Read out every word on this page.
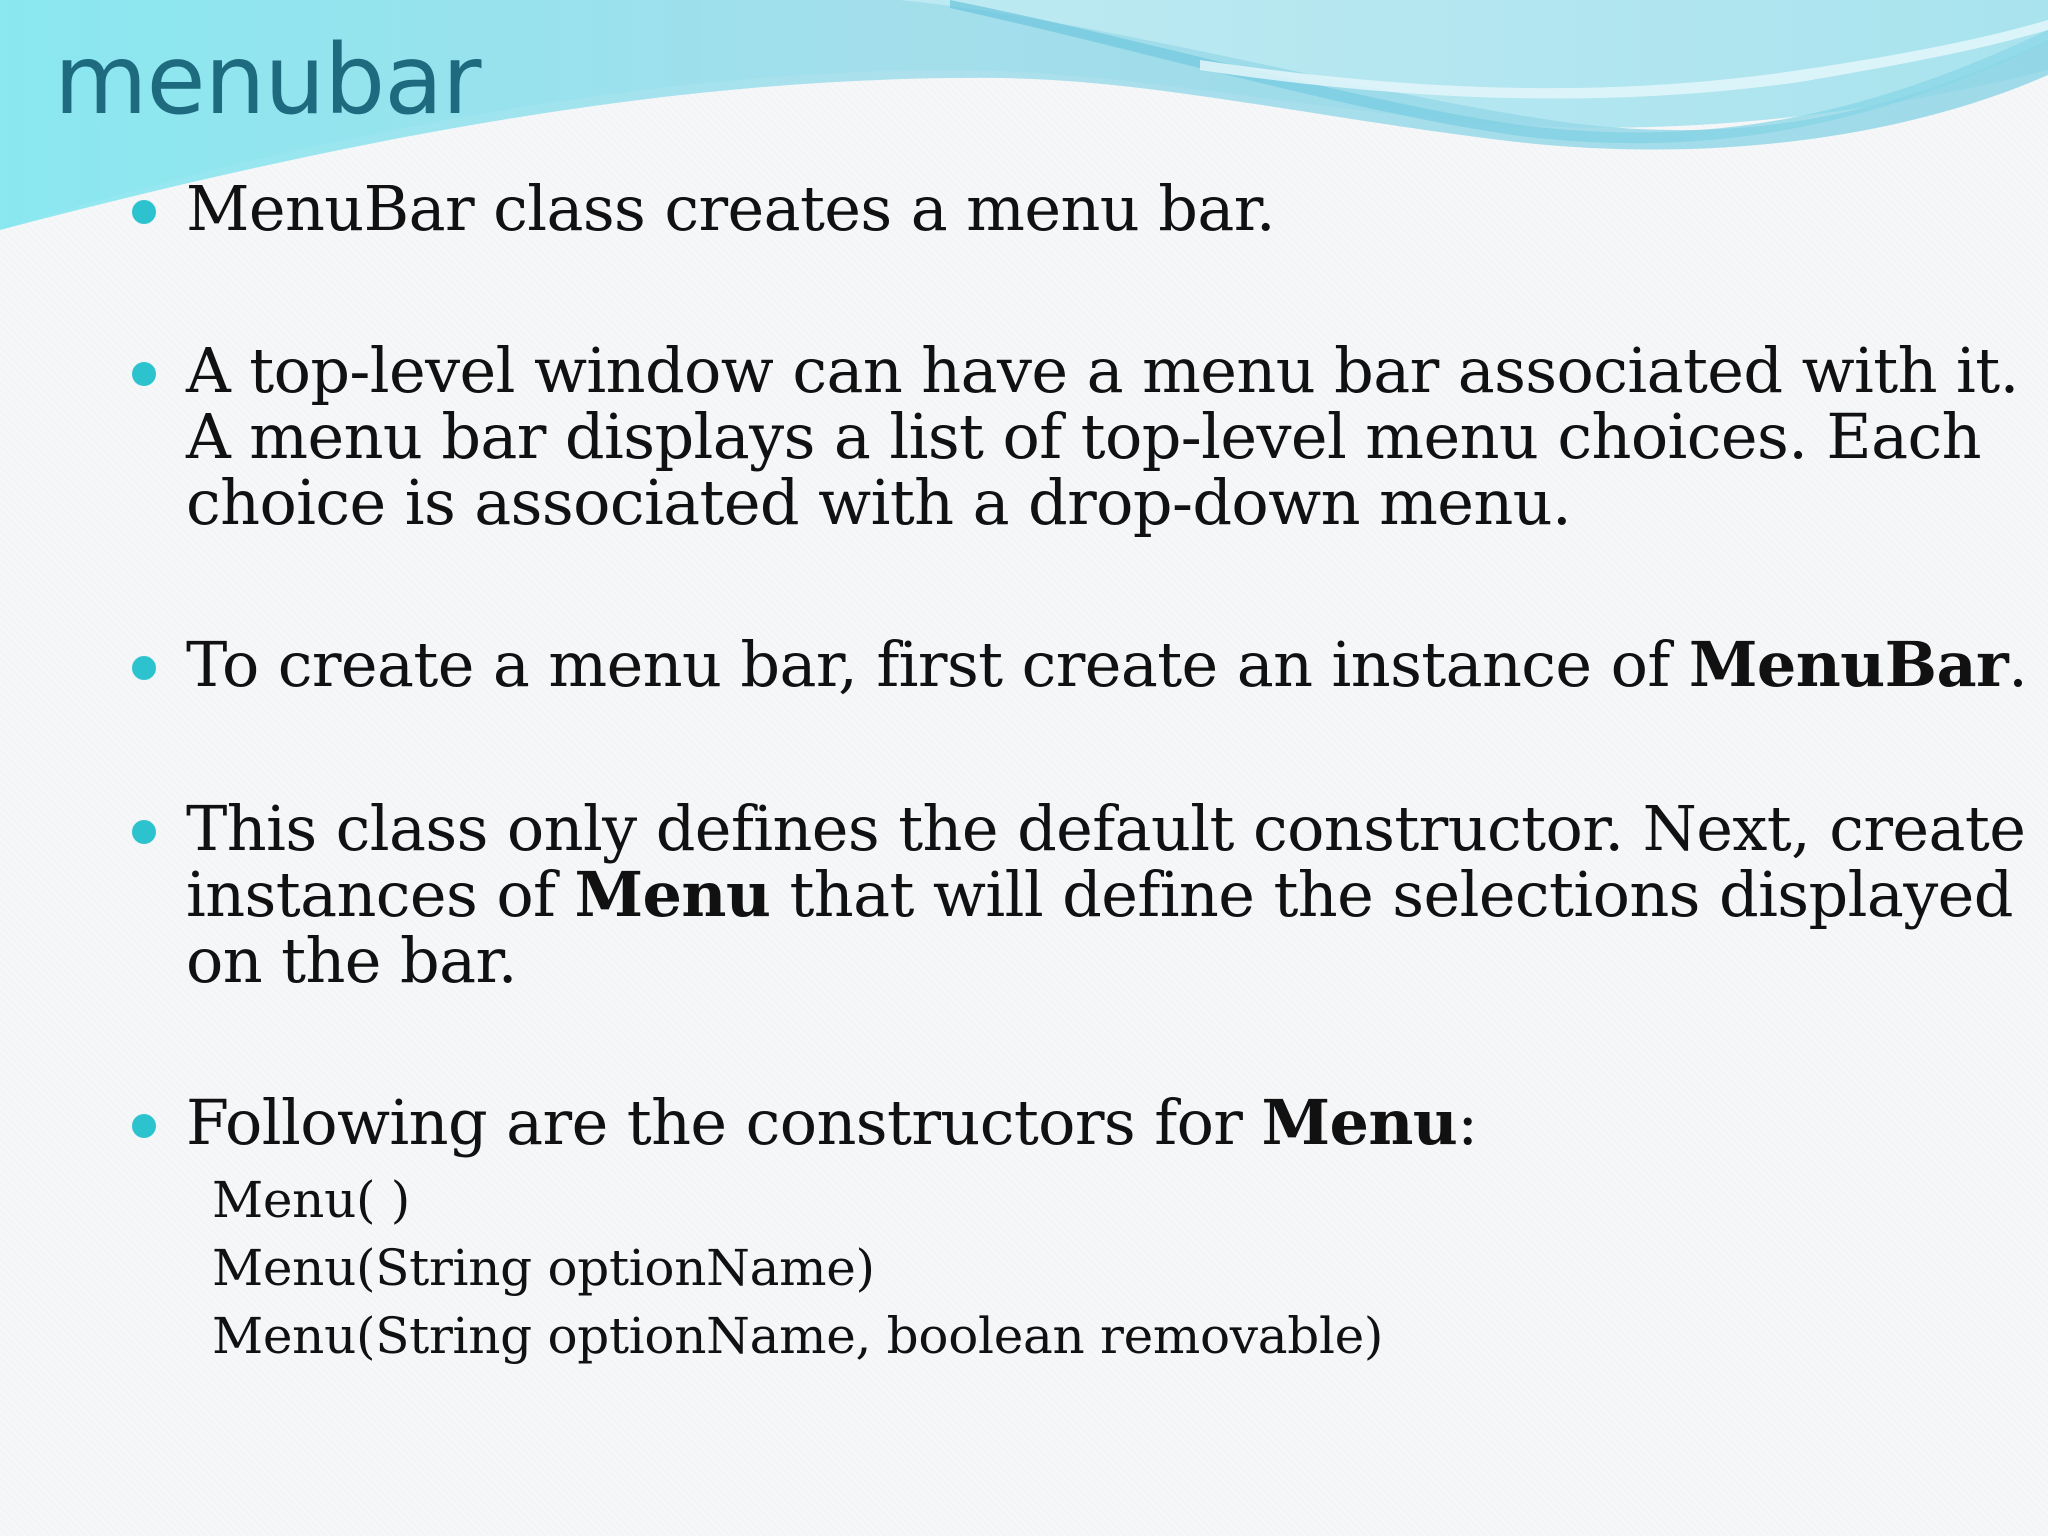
menubar
MenuBar class creates a menu bar.
A top-level window can have a menu bar associated with it.
A menu bar displays a list of top-level menu choices. Each
choice is associated with a drop-down menu.
To create a menu bar, first create an instance of MenuBar.
This class only defines the default constructor. Next, create
instances of Menu that will define the selections displayed
on the bar.
Following are the constructors for Menu:
Menu( )
Menu(String optionName)
Menu(String optionName, boolean removable)
